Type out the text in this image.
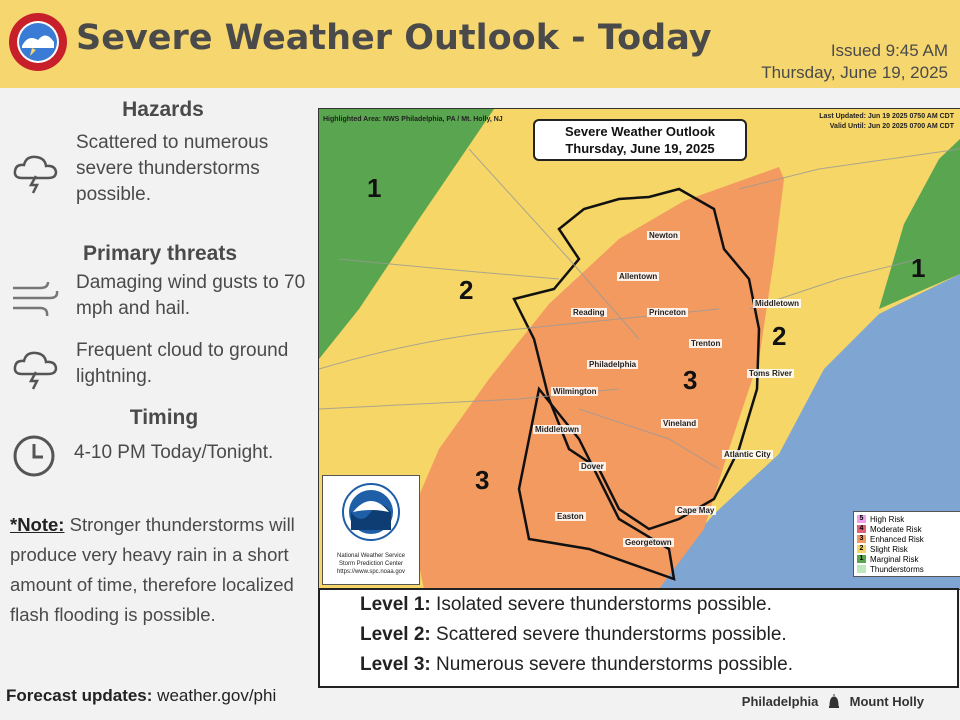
Severe Weather Outlook - Today	Issued 9:45 AM
Thursday, June 19, 2025
Hazards
Scattered to numerous severe thunderstorms possible.
Primary threats
Damaging wind gusts to 70 mph and hail.
Frequent cloud to ground lightning.
Timing
4-10 PM Today/Tonight.
*Note: Stronger thunderstorms will produce very heavy rain in a short amount of time, therefore localized flash flooding is possible.
Forecast updates: weather.gov/phi
Highlighted Area: NWS Philadelphia, PA / Mt. Holly, NJ	Last Updated: Jun 19 2025 0750 AM CDT
Valid Until: Jun 20 2025 0700 AM CDT
Severe Weather Outlook
Thursday, June 19, 2025
1
2
3
1
2
3
Newton
Allentown
Reading	Princeton
Trenton
Middletown
Philadelphia
Toms River
Wilmington
Middletown
Vineland
Atlantic City
Dover
Easton
Cape May
Georgetown
National Weather Service
Storm Prediction Center
https://www.spc.noaa.gov
5 High Risk
4 Moderate Risk
3 Enhanced Risk
2 Slight Risk
1 Marginal Risk
Thunderstorms
Level 1: Isolated severe thunderstorms possible.
Level 2: Scattered severe thunderstorms possible.
Level 3: Numerous severe thunderstorms possible.
Philadelphia Mount Holly
